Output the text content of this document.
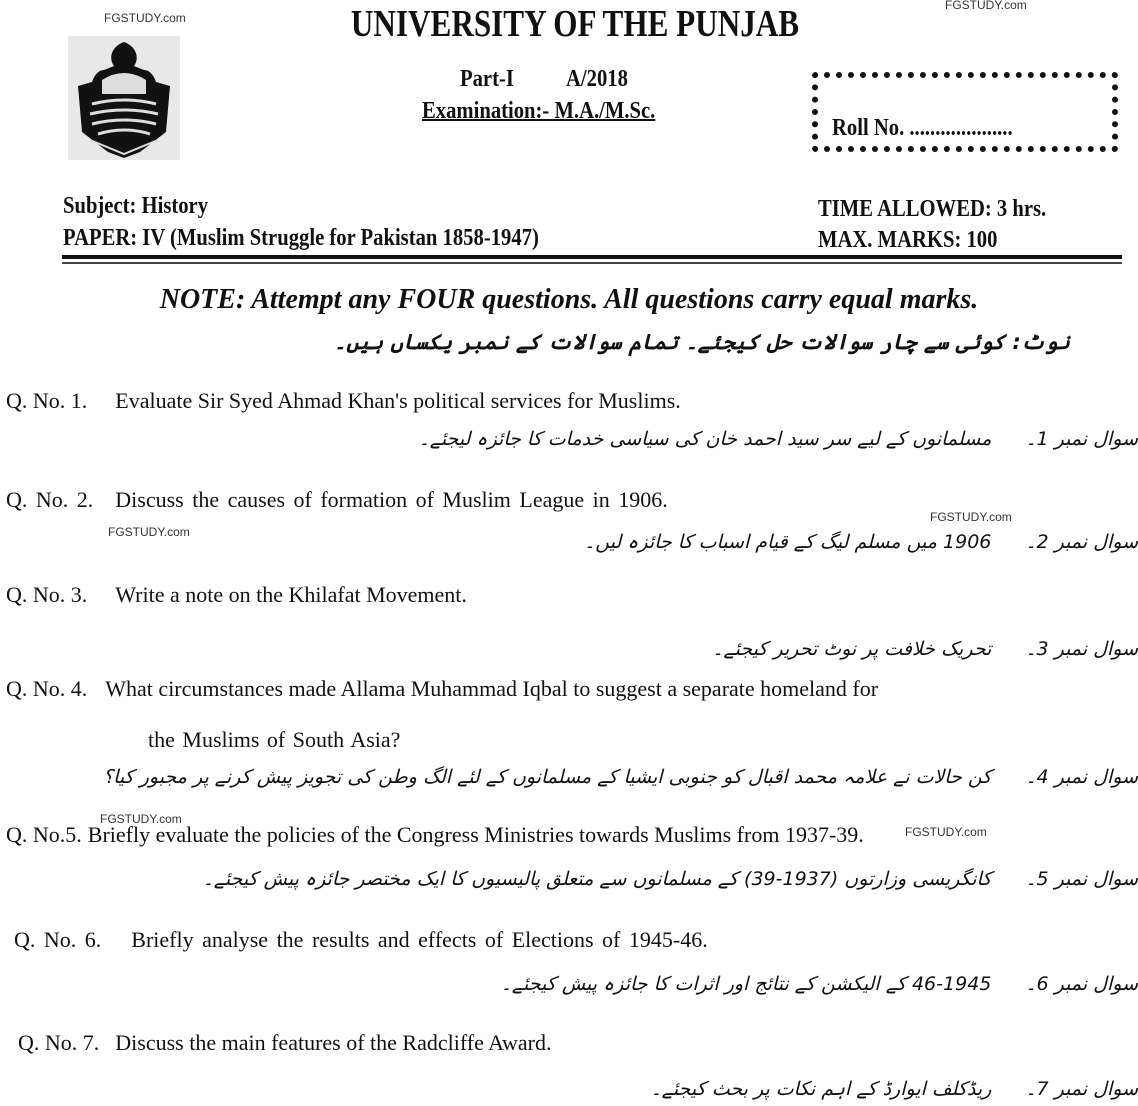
FGSTUDY.com
FGSTUDY.com
FGSTUDY.com
FGSTUDY.com
FGSTUDY.com
FGSTUDY.com
UNIVERSITY OF THE PUNJAB
Part-I A/2018
Examination:- M.A./M.Sc.
Roll No. ....................
Subject: History
PAPER: IV (Muslim Struggle for Pakistan 1858-1947)
TIME ALLOWED: 3 hrs.
MAX. MARKS: 100
NOTE: Attempt any FOUR questions. All questions carry equal marks.
نوٹ: کوئی سے چار سوالات حل کیجئے۔ تمام سوالات کے نمبر یکساں ہیں۔
Q. No. 1. Evaluate Sir Syed Ahmad Khan's political services for Muslims.
سوال نمبر 1۔مسلمانوں کے لیے سر سید احمد خان کی سیاسی خدمات کا جائزہ لیجئے۔
Q. No. 2. Discuss the causes of formation of Muslim League in 1906.
سوال نمبر 2۔1906 میں مسلم لیگ کے قیام اسباب کا جائزہ لیں۔
Q. No. 3. Write a note on the Khilafat Movement.
سوال نمبر 3۔تحریک خلافت پر نوٹ تحریر کیجئے۔
Q. No. 4. What circumstances made Allama Muhammad Iqbal to suggest a separate homeland for
the Muslims of South Asia?
سوال نمبر 4۔کن حالات نے علامہ محمد اقبال کو جنوبی ایشیا کے مسلمانوں کے لئے الگ وطن کی تجویز پیش کرنے پر مجبور کیا؟
Q. No.5. Briefly evaluate the policies of the Congress Ministries towards Muslims from 1937-39.
سوال نمبر 5۔کانگریسی وزارتوں (1937-39) کے مسلمانوں سے متعلق پالیسیوں کا ایک مختصر جائزہ پیش کیجئے۔
Q. No. 6. Briefly analyse the results and effects of Elections of 1945-46.
سوال نمبر 6۔1945-46 کے الیکشن کے نتائج اور اثرات کا جائزہ پیش کیجئے۔
Q. No. 7. Discuss the main features of the Radcliffe Award.
سوال نمبر 7۔ریڈکلف ایوارڈ کے اہم نکات پر بحث کیجئے۔
